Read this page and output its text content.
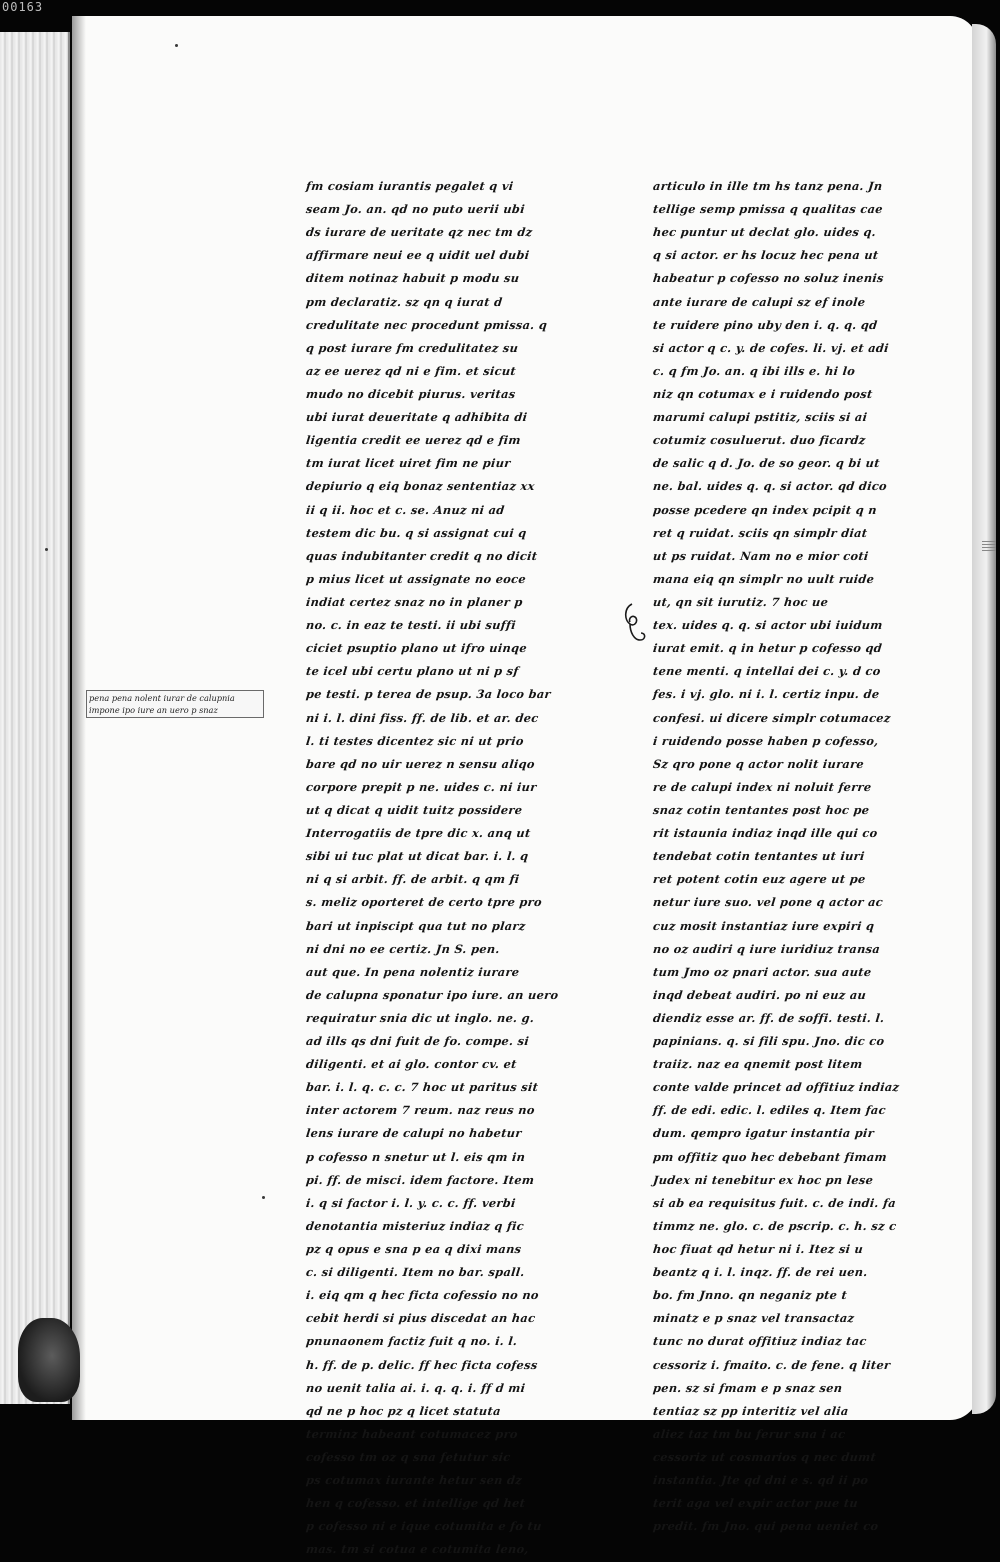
00163
pena pena nolent iurar de calupnia
impone ipo iure an uero p snaz
fm cosiam iurantis pegalet q vi
seam Jo. an. qd no puto uerii ubi
ds iurare de ueritate qz nec tm dz
affirmare neui ee q uidit uel dubi
ditem notinaz habuit p modu su
pm declaratiz. sz qn q iurat d
credulitate nec procedunt pmissa. q
q post iurare fm credulitatez su
az ee uerez qd ni e fim. et sicut
mudo no dicebit piurus. veritas
ubi iurat deueritate q adhibita di
ligentia credit ee uerez qd e fim
tm iurat licet uiret fim ne piur
depiurio q eiq bonaz sententiaz xx
ii q ii. hoc et c. se. Anuz ni ad
testem dic bu. q si assignat cui q
quas indubitanter credit q no dicit
p mius licet ut assignate no eoce
indiat certez snaz no in planer p
no. c. in eaz te testi. ii ubi suffi
ciciet psuptio plano ut ifro uinqe
te icel ubi certu plano ut ni p sf
pe testi. p terea de psup. 3a loco bar
ni i. l. dini fiss. ff. de lib. et ar. dec
l. ti testes dicentez sic ni ut prio
bare qd no uir uerez n sensu aliqo
corpore prepit p ne. uides c. ni iur
ut q dicat q uidit tuitz possidere
Interrogatiis de tpre dic x. anq ut
sibi ui tuc plat ut dicat bar. i. l. q
ni q si arbit. ff. de arbit. q qm fi
s. meliz oporteret de certo tpre pro
bari ut inpiscipt qua tut no plarz
ni dni no ee certiz. Jn S. pen.
aut que. In pena nolentiz iurare
de calupna sponatur ipo iure. an uero
requiratur snia dic ut inglo. ne. g.
ad ills qs dni fuit de fo. compe. si
diligenti. et ai glo. contor cv. et
bar. i. l. q. c. c. 7 hoc ut paritus sit
inter actorem 7 reum. naz reus no
lens iurare de calupi no habetur
p cofesso n snetur ut l. eis qm in
pi. ff. de misci. idem factore. Item
i. q si factor i. l. y. c. c. ff. verbi
denotantia misteriuz indiaz q fic
pz q opus e sna p ea q dixi mans
c. si diligenti. Item no bar. spall.
i. eiq qm q hec ficta cofessio no no
cebit herdi si pius discedat an hac
pnunaonem factiz fuit q no. i. l.
h. ff. de p. delic. ff hec ficta cofess
no uenit talia ai. i. q. q. i. ff d mi
qd ne p hoc pz q licet statuta
terminz habeant cotumacez pro
cofesso tm oz q sna fetutur sic
ps cotumax iurante hetur sen dz
hen q cofesso. et intellige qd het
p cofesso ni e ique cotumita e fo tu
mas. tm si cotua e cotumita leno,
articulo in ille tm hs tanz pena. Jn
tellige semp pmissa q qualitas cae
hec puntur ut declat glo. uides q.
q si actor. er hs locuz hec pena ut
habeatur p cofesso no soluz inenis
ante iurare de calupi sz ef inole
te ruidere pino uby den i. q. q. qd
si actor q c. y. de cofes. li. vj. et adi
c. q fm Jo. an. q ibi ills e. hi lo
niz qn cotumax e i ruidendo post
marumi calupi pstitiz, sciis si ai
cotumiz cosuluerut. duo ficardz
de salic q d. Jo. de so geor. q bi ut
ne. bal. uides q. q. si actor. qd dico
posse pcedere qn index pcipit q n
ret q ruidat. sciis qn simplr diat
ut ps ruidat. Nam no e mior coti
mana eiq qn simplr no uult ruide
ut, qn sit iurutiz. 7 hoc ue
tex. uides q. q. si actor ubi iuidum
iurat emit. q in hetur p cofesso qd
tene menti. q intellai dei c. y. d co
fes. i vj. glo. ni i. l. certiz inpu. de
confesi. ui dicere simplr cotumacez
i ruidendo posse haben p cofesso,
Sz qro pone q actor nolit iurare
re de calupi index ni noluit ferre
snaz cotin tentantes post hoc pe
rit istaunia indiaz inqd ille qui co
tendebat cotin tentantes ut iuri
ret potent cotin euz agere ut pe
netur iure suo. vel pone q actor ac
cuz mosit instantiaz iure expiri q
no oz audiri q iure iuridiuz transa
tum Jmo oz pnari actor. sua aute
inqd debeat audiri. po ni euz au
diendiz esse ar. ff. de soffi. testi. l.
papinians. q. si fili spu. Jno. dic co
traiiz. naz ea qnemit post litem
conte valde princet ad offitiuz indiaz
ff. de edi. edic. l. ediles q. Item fac
dum. qempro igatur instantia pir
pm offitiz quo hec debebant fimam
Judex ni tenebitur ex hoc pn lese
si ab ea requisitus fuit. c. de indi. fa
timmz ne. glo. c. de pscrip. c. h. sz c
hoc fiuat qd hetur ni i. Itez si u
beantz q i. l. inqz. ff. de rei uen.
bo. fm Jnno. qn neganiz pte t
minatz e p snaz vel transactaz
tunc no durat offitiuz indiaz tac
cessoriz i. fmaito. c. de fene. q liter
pen. sz si fmam e p snaz sen
tentiaz sz pp interitiz vel alia
aliez taz tm bu ferur sna i ac
cessoriz ut cosmarios q nec dumt
instantia. Jte qd dni e s. qd ii po
terit aga vel expir actor pue tu
predit. fm Jno. qui pena ueniet co
